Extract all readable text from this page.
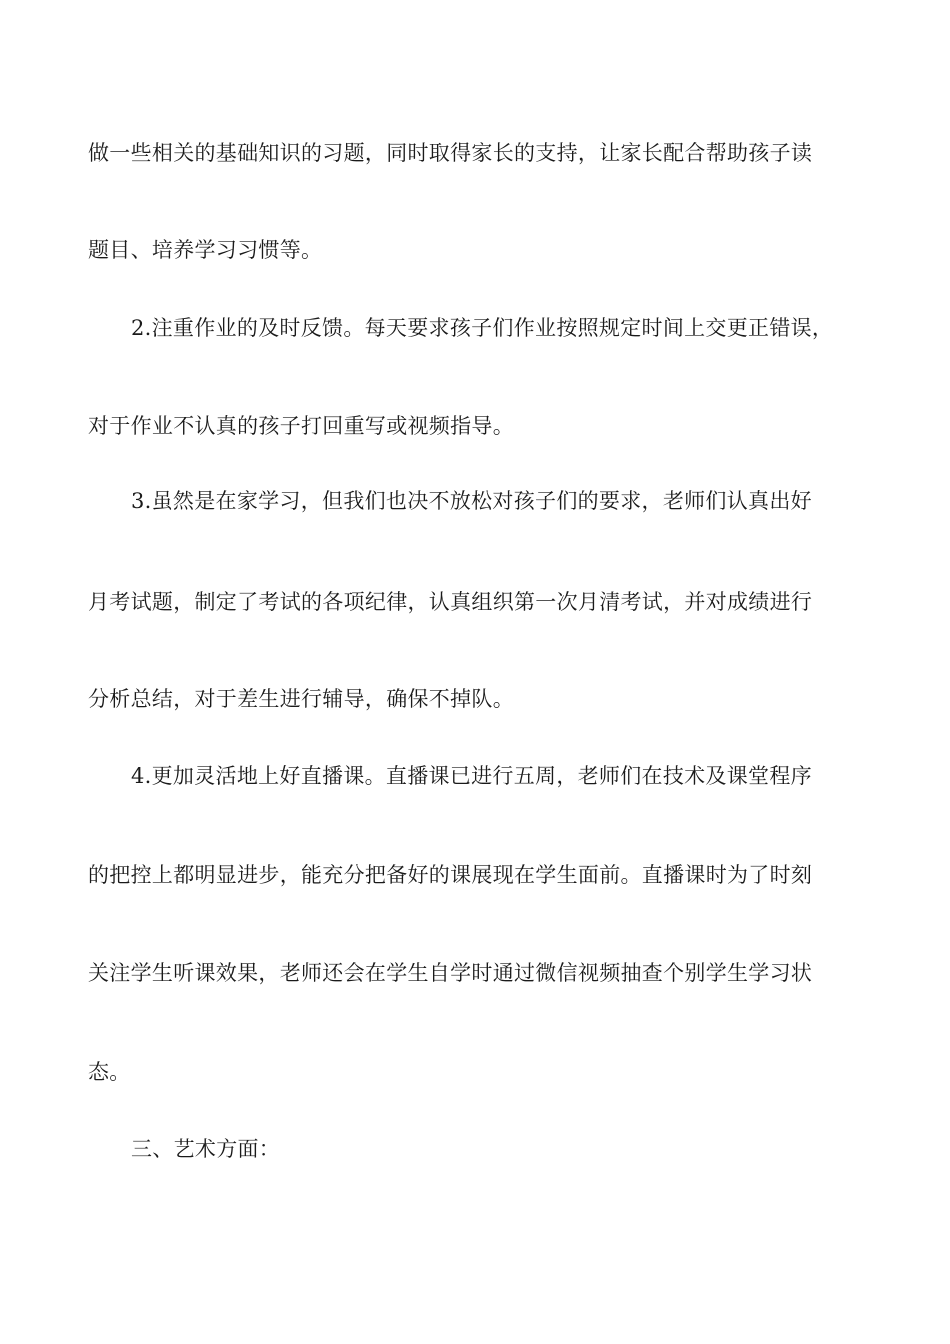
做一些相关的基础知识的习题，同时取得家长的支持，让家长配合帮助孩子读
题目、培养学习习惯等。
2.注重作业的及时反馈。每天要求孩子们作业按照规定时间上交更正错误，
对于作业不认真的孩子打回重写或视频指导。
3.虽然是在家学习，但我们也决不放松对孩子们的要求，老师们认真出好
月考试题，制定了考试的各项纪律，认真组织第一次月清考试，并对成绩进行
分析总结，对于差生进行辅导，确保不掉队。
4.更加灵活地上好直播课。直播课已进行五周，老师们在技术及课堂程序
的把控上都明显进步，能充分把备好的课展现在学生面前。直播课时为了时刻
关注学生听课效果，老师还会在学生自学时通过微信视频抽查个别学生学习状
态。
三、艺术方面：
